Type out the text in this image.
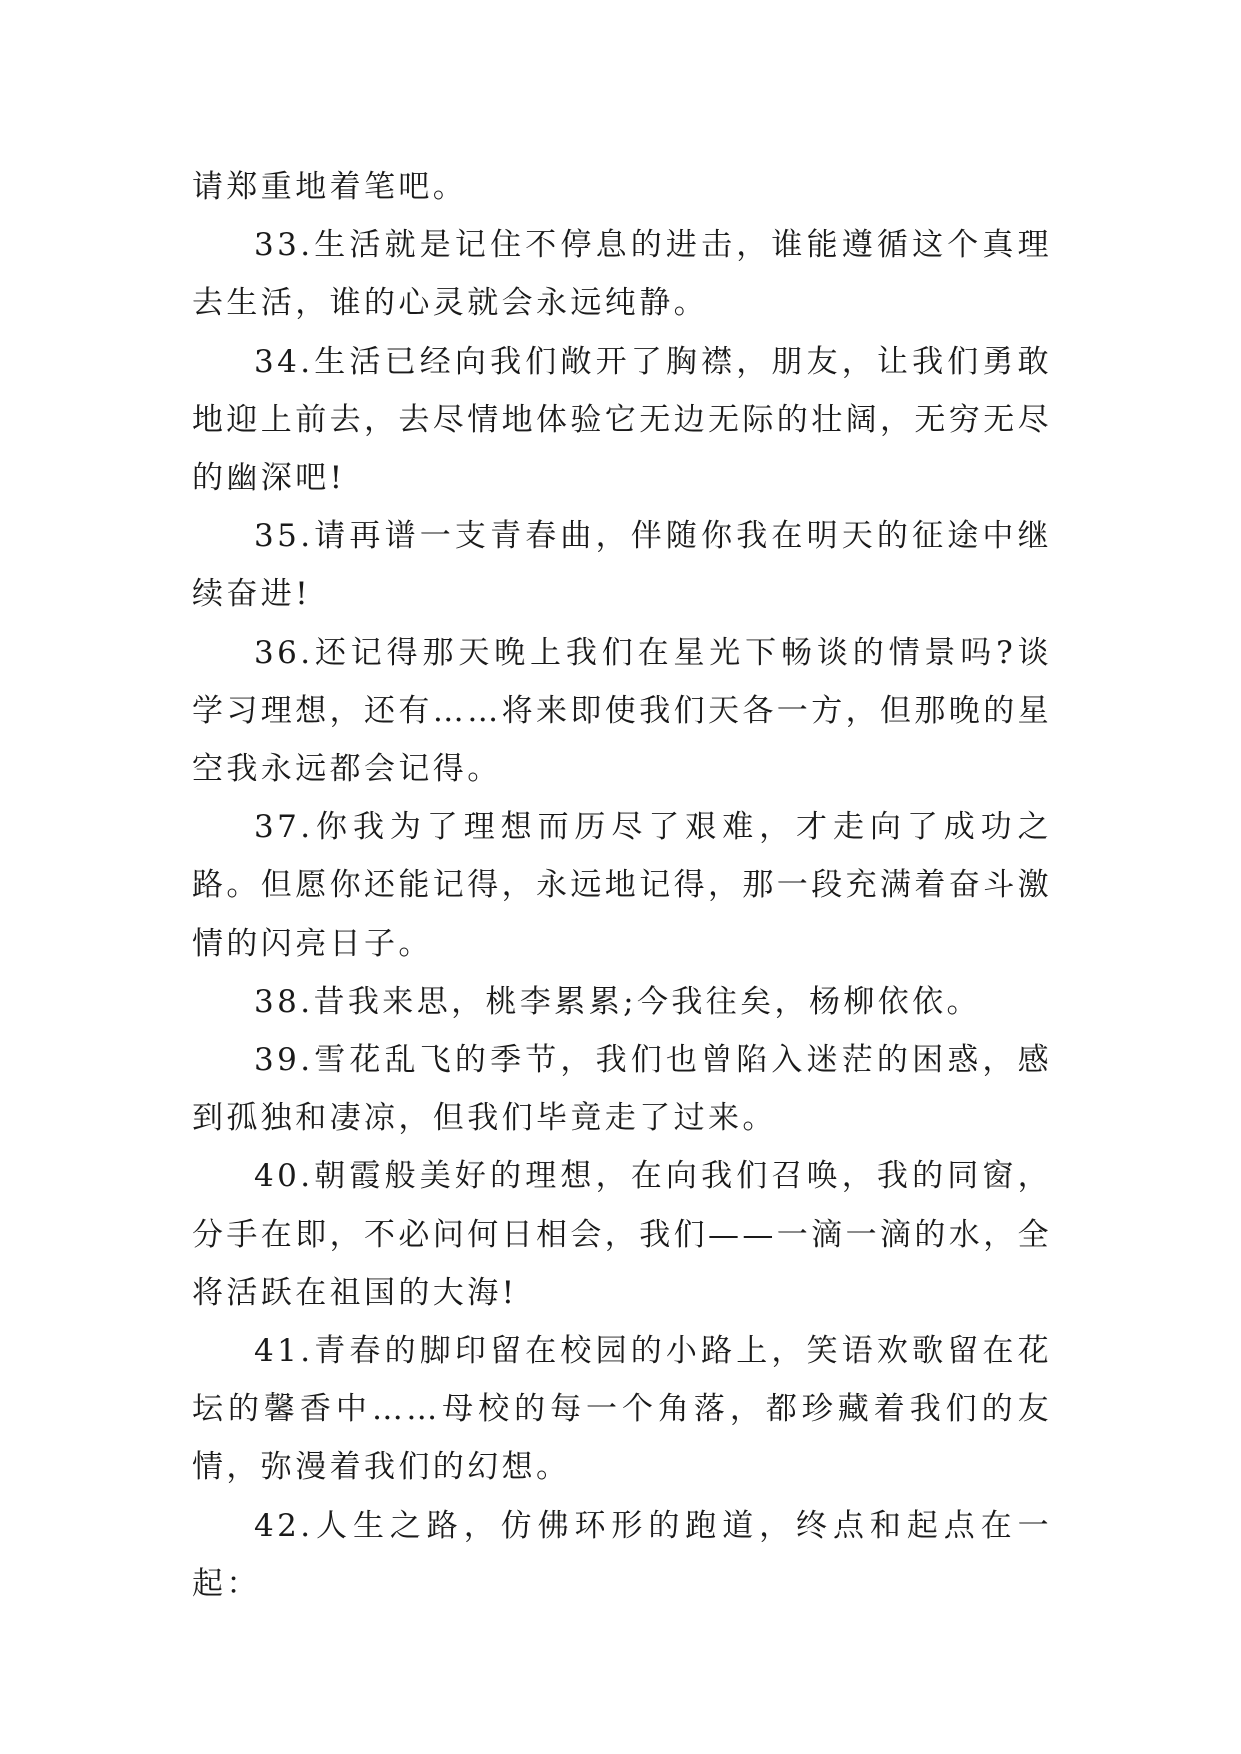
请郑重地着笔吧。

33.生活就是记住不停息的进击，谁能遵循这个真理去生活，谁的心灵就会永远纯静。

34.生活已经向我们敞开了胸襟，朋友，让我们勇敢地迎上前去，去尽情地体验它无边无际的壮阔，无穷无尽的幽深吧!

35.请再谱一支青春曲，伴随你我在明天的征途中继续奋进!

36.还记得那天晚上我们在星光下畅谈的情景吗?谈学习理想，还有……将来即使我们天各一方，但那晚的星空我永远都会记得。

37.你我为了理想而历尽了艰难，才走向了成功之路。但愿你还能记得，永远地记得，那一段充满着奋斗激情的闪亮日子。

38.昔我来思，桃李累累;今我往矣，杨柳依依。

39.雪花乱飞的季节，我们也曾陷入迷茫的困惑，感到孤独和凄凉，但我们毕竟走了过来。

40.朝霞般美好的理想，在向我们召唤，我的同窗，分手在即，不必问何日相会，我们——一滴一滴的水，全将活跃在祖国的大海!

41.青春的脚印留在校园的小路上，笑语欢歌留在花坛的馨香中……母校的每一个角落，都珍藏着我们的友情，弥漫着我们的幻想。

42.人生之路，仿佛环形的跑道，终点和起点在一起：
